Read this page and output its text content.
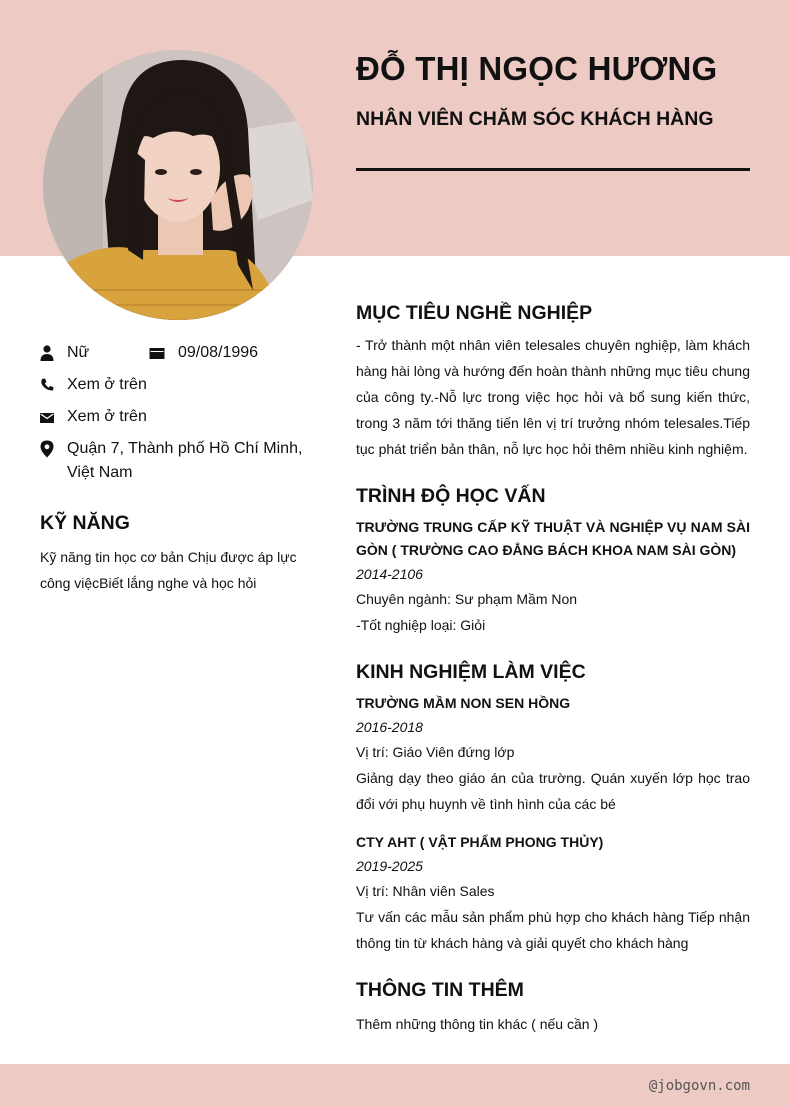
ĐỖ THỊ NGỌC HƯƠNG
NHÂN VIÊN CHĂM SÓC KHÁCH HÀNG
Nữ	09/08/1996
Xem ở trên
Xem ở trên
Quận 7, Thành phố Hồ Chí Minh,
Việt Nam
KỸ NĂNG

Kỹ năng tin học cơ bản Chịu được áp lực công việcBiết lắng nghe và học hỏi

MỤC TIÊU NGHỀ NGHIỆP

- Trở thành một nhân viên telesales chuyên nghiệp, làm khách hàng hài lòng và hướng đến hoàn thành những mục tiêu chung của công ty.-Nỗ lực trong việc học hỏi và bổ sung kiến thức, trong 3 năm tới thăng tiến lên vị trí trưởng nhóm telesales.Tiếp tục phát triển bản thân, nỗ lực học hỏi thêm nhiều kinh nghiệm.

TRÌNH ĐỘ HỌC VẤN

TRƯỜNG TRUNG CẤP KỸ THUẬT VÀ NGHIỆP VỤ NAM SÀI GÒN ( TRƯỜNG CAO ĐẲNG BÁCH KHOA NAM SÀI GÒN)

2014-2106

Chuyên ngành: Sư phạm Mầm Non

-Tốt nghiệp loại: Giỏi

KINH NGHIỆM LÀM VIỆC

TRƯỜNG MẦM NON SEN HỒNG

2016-2018

Vị trí: Giáo Viên đứng lớp

Giảng dạy theo giáo án của trường. Quán xuyến lớp học trao đổi với phụ huynh về tình hình của các bé

CTY AHT ( VẬT PHẨM PHONG THỦY)

2019-2025

Vị trí: Nhân viên Sales

Tư vấn các mẫu sản phẩm phù hợp cho khách hàng Tiếp nhận thông tin từ khách hàng và giải quyết cho khách hàng

THÔNG TIN THÊM

Thêm những thông tin khác ( nếu cần )

@jobgovn.com
